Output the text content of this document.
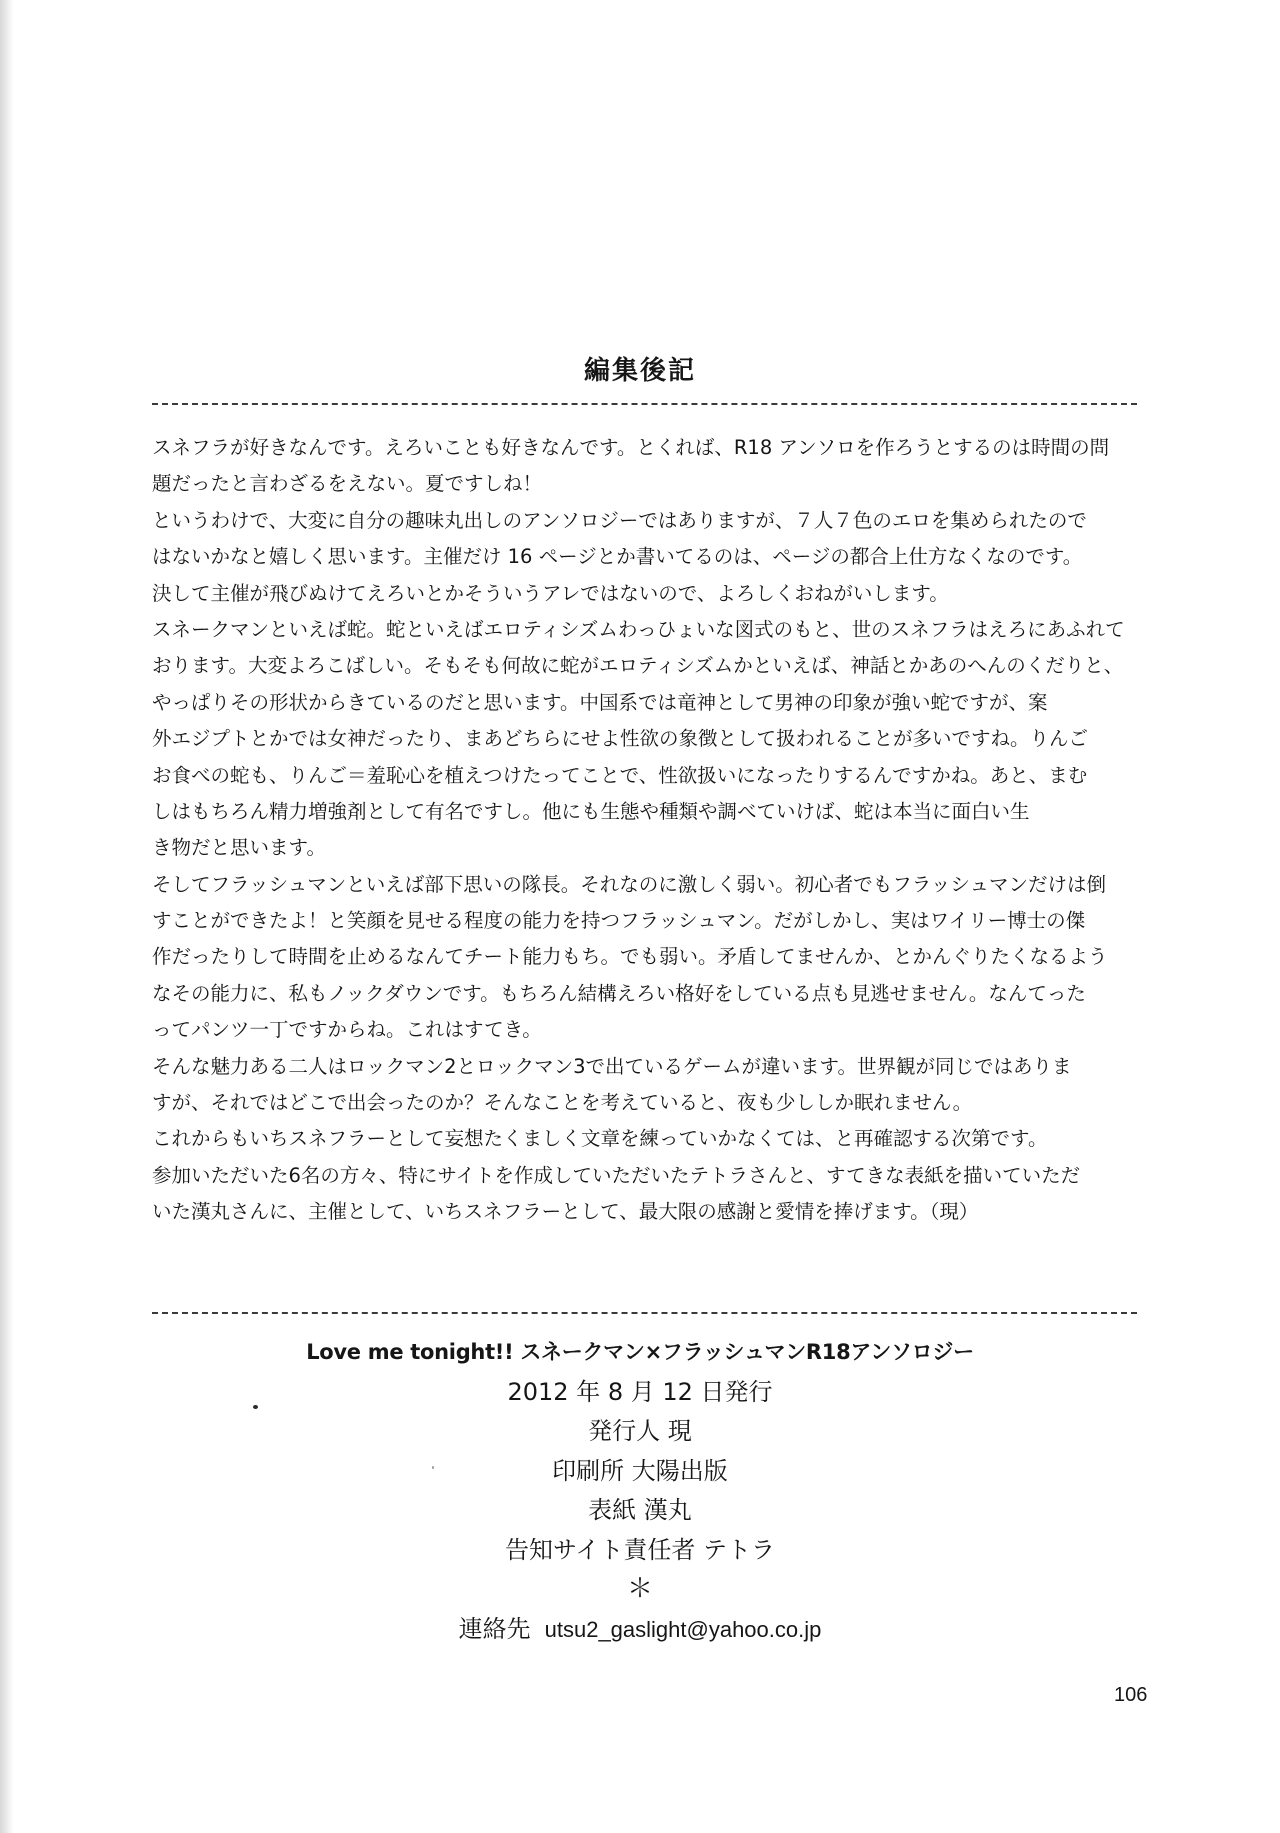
編集後記
スネフラが好きなんです。えろいことも好きなんです。とくれば、R18 アンソロを作ろうとするのは時間の問
題だったと言わざるをえない。夏ですしね！
というわけで、大変に自分の趣味丸出しのアンソロジーではありますが、７人７色のエロを集められたので
はないかなと嬉しく思います。主催だけ 16 ページとか書いてるのは、ページの都合上仕方なくなのです。
決して主催が飛びぬけてえろいとかそういうアレではないので、よろしくおねがいします。
スネークマンといえば蛇。蛇といえばエロティシズムわっひょいな図式のもと、世のスネフラはえろにあふれて
おります。大変よろこばしい。そもそも何故に蛇がエロティシズムかといえば、神話とかあのへんのくだりと、
やっぱりその形状からきているのだと思います。中国系では竜神として男神の印象が強い蛇ですが、案
外エジプトとかでは女神だったり、まあどちらにせよ性欲の象徴として扱われることが多いですね。りんご
お食べの蛇も、りんご＝羞恥心を植えつけたってことで、性欲扱いになったりするんですかね。あと、まむ
しはもちろん精力増強剤として有名ですし。他にも生態や種類や調べていけば、蛇は本当に面白い生
き物だと思います。
そしてフラッシュマンといえば部下思いの隊長。それなのに激しく弱い。初心者でもフラッシュマンだけは倒
すことができたよ！と笑顔を見せる程度の能力を持つフラッシュマン。だがしかし、実はワイリー博士の傑
作だったりして時間を止めるなんてチート能力もち。でも弱い。矛盾してませんか、とかんぐりたくなるよう
なその能力に、私もノックダウンです。もちろん結構えろい格好をしている点も見逃せません。なんてった
ってパンツ一丁ですからね。これはすてき。
そんな魅力ある二人はロックマン2とロックマン3で出ているゲームが違います。世界観が同じではありま
すが、それではどこで出会ったのか？そんなことを考えていると、夜も少ししか眠れません。
これからもいちスネフラーとして妄想たくましく文章を練っていかなくては、と再確認する次第です。
参加いただいた6名の方々、特にサイトを作成していただいたテトラさんと、すてきな表紙を描いていただ
いた漢丸さんに、主催として、いちスネフラーとして、最大限の感謝と愛情を捧げます。（現）
Love me tonight!! スネークマン×フラッシュマンR18アンソロジー
2012 年 8 月 12 日発行
発行人 現
印刷所 大陽出版
表紙 漢丸
告知サイト責任者 テトラ
＊
連絡先 utsu2_gaslight@yahoo.co.jp
106
